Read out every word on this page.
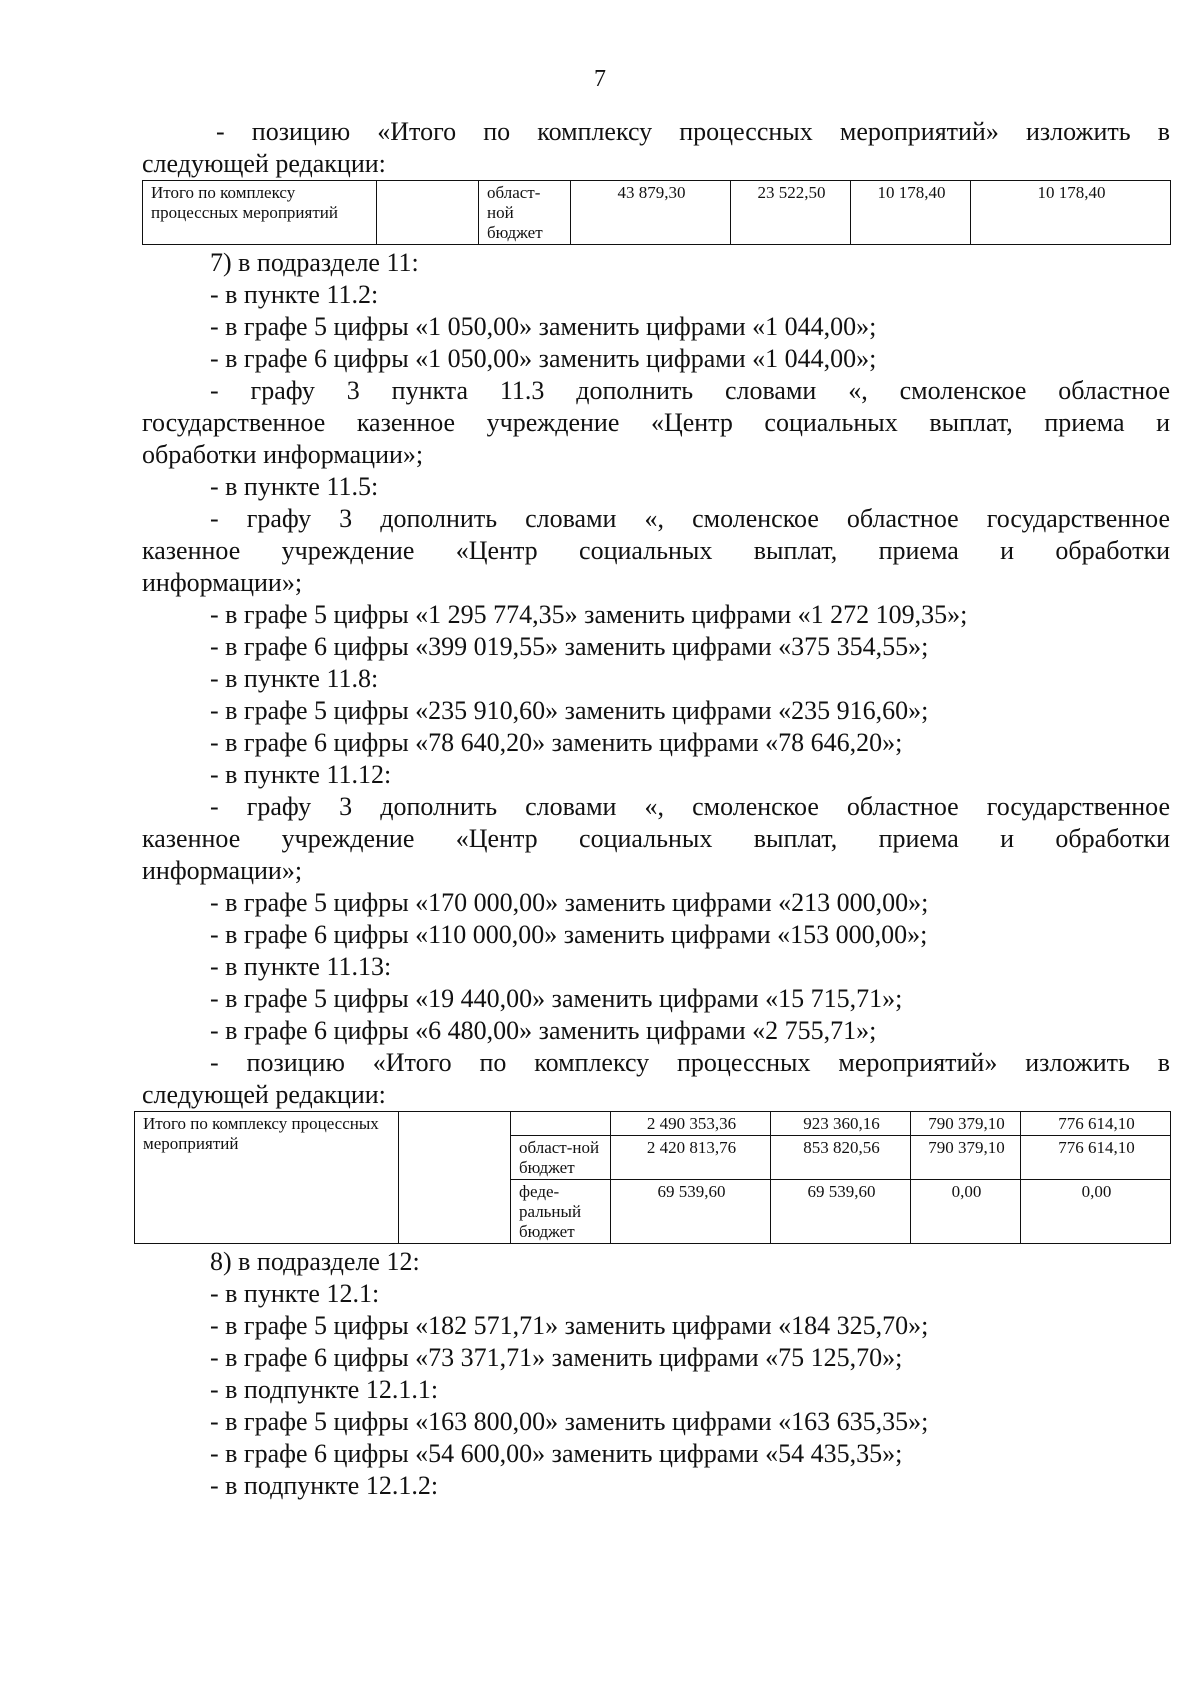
7

- позицию «Итого по комплексу процессных мероприятий» изложить в

следующей редакции:

Итого по комплексу процессных мероприятий		област-ной бюджет	43 879,30	23 522,50	10 178,40	10 178,40

7) в подразделе 11:

- в пункте 11.2:

- в графе 5 цифры «1 050,00» заменить цифрами «1 044,00»;

- в графе 6 цифры «1 050,00» заменить цифрами «1 044,00»;

- графу 3 пункта 11.3 дополнить словами «, смоленское областное

государственное казенное учреждение «Центр социальных выплат, приема и

обработки информации»;

- в пункте 11.5:

- графу 3 дополнить словами «, смоленское областное государственное

казенное учреждение «Центр социальных выплат, приема и обработки

информации»;

- в графе 5 цифры «1 295 774,35» заменить цифрами «1 272 109,35»;

- в графе 6 цифры «399 019,55» заменить цифрами «375 354,55»;

- в пункте 11.8:

- в графе 5 цифры «235 910,60» заменить цифрами «235 916,60»;

- в графе 6 цифры «78 640,20» заменить цифрами «78 646,20»;

- в пункте 11.12:

- графу 3 дополнить словами «, смоленское областное государственное

казенное учреждение «Центр социальных выплат, приема и обработки

информации»;

- в графе 5 цифры «170 000,00» заменить цифрами «213 000,00»;

- в графе 6 цифры «110 000,00» заменить цифрами «153 000,00»;

- в пункте 11.13:

- в графе 5 цифры «19 440,00» заменить цифрами «15 715,71»;

- в графе 6 цифры «6 480,00» заменить цифрами «2 755,71»;

- позицию «Итого по комплексу процессных мероприятий» изложить в

следующей редакции:

Итого по комплексу процессных мероприятий			2 490 353,36	923 360,16	790 379,10	776 614,10
		област-ной бюджет	2 420 813,76	853 820,56	790 379,10	776 614,10
		феде-ральный бюджет	69 539,60	69 539,60	0,00	0,00

8) в подразделе 12:

- в пункте 12.1:

- в графе 5 цифры «182 571,71» заменить цифрами «184 325,70»;

- в графе 6 цифры «73 371,71» заменить цифрами «75 125,70»;

- в подпункте 12.1.1:

- в графе 5 цифры «163 800,00» заменить цифрами «163 635,35»;

- в графе 6 цифры «54 600,00» заменить цифрами «54 435,35»;

- в подпункте 12.1.2:
